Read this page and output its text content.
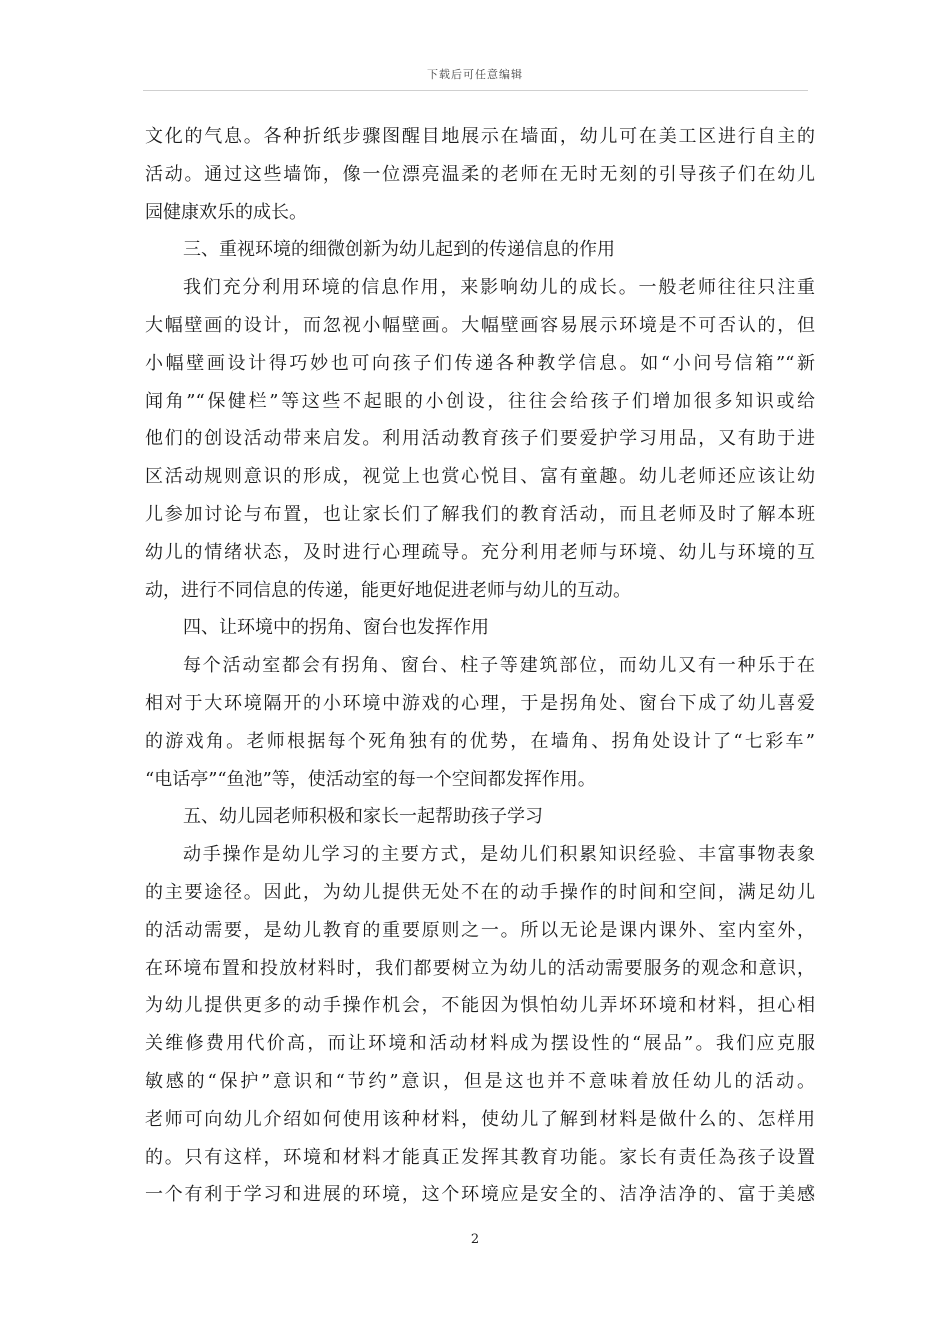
下载后可任意编辑
文化的气息。各种折纸步骤图醒目地展示在墙面，幼儿可在美工区进行自主的
活动。通过这些墙饰，像一位漂亮温柔的老师在无时无刻的引导孩子们在幼儿
园健康欢乐的成长。
三、重视环境的细微创新为幼儿起到的传递信息的作用
我们充分利用环境的信息作用，来影响幼儿的成长。一般老师往往只注重
大幅壁画的设计，而忽视小幅壁画。大幅壁画容易展示环境是不可否认的，但
小幅壁画设计得巧妙也可向孩子们传递各种教学信息。如“小问号信箱”“新
闻角”“保健栏”等这些不起眼的小创设，往往会给孩子们增加很多知识或给
他们的创设活动带来启发。利用活动教育孩子们要爱护学习用品，又有助于进
区活动规则意识的形成，视觉上也赏心悦目、富有童趣。幼儿老师还应该让幼
儿参加讨论与布置，也让家长们了解我们的教育活动，而且老师及时了解本班
幼儿的情绪状态，及时进行心理疏导。充分利用老师与环境、幼儿与环境的互
动，进行不同信息的传递，能更好地促进老师与幼儿的互动。
四、让环境中的拐角、窗台也发挥作用
每个活动室都会有拐角、窗台、柱子等建筑部位，而幼儿又有一种乐于在
相对于大环境隔开的小环境中游戏的心理，于是拐角处、窗台下成了幼儿喜爱
的游戏角。老师根据每个死角独有的优势，在墙角、拐角处设计了“七彩车”
“电话亭”“鱼池”等，使活动室的每一个空间都发挥作用。
五、幼儿园老师积极和家长一起帮助孩子学习
动手操作是幼儿学习的主要方式，是幼儿们积累知识经验、丰富事物表象
的主要途径。因此，为幼儿提供无处不在的动手操作的时间和空间，满足幼儿
的活动需要，是幼儿教育的重要原则之一。所以无论是课内课外、室内室外，
在环境布置和投放材料时，我们都要树立为幼儿的活动需要服务的观念和意识，
为幼儿提供更多的动手操作机会，不能因为惧怕幼儿弄坏环境和材料，担心相
关维修费用代价高，而让环境和活动材料成为摆设性的“展品”。我们应克服
敏感的“保护”意识和“节约”意识，但是这也并不意味着放任幼儿的活动。
老师可向幼儿介绍如何使用该种材料，使幼儿了解到材料是做什么的、怎样用
的。只有这样，环境和材料才能真正发挥其教育功能。家长有责任為孩子设置
一个有利于学习和进展的环境，这个环境应是安全的、洁净洁净的、富于美感
2
